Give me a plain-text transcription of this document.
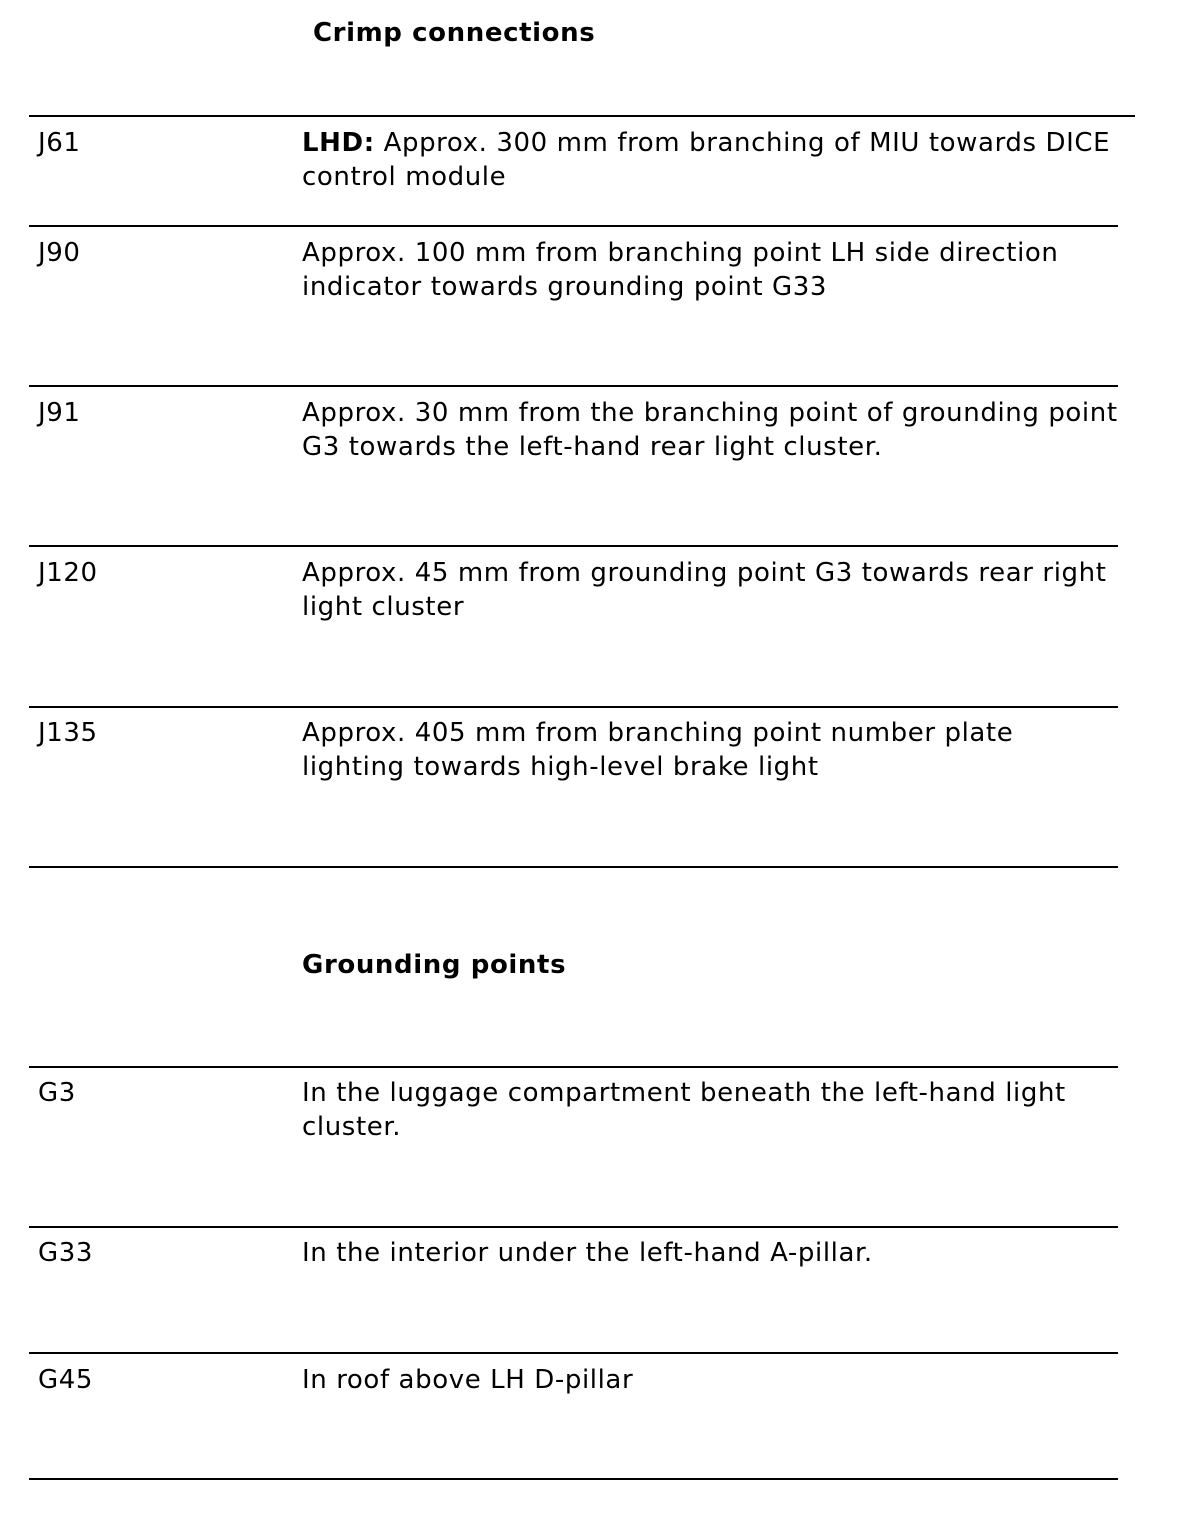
Crimp connections
J61	LHD: Approx. 300 mm from branching of MIU towards DICE control module
J90	Approx. 100 mm from branching point LH side direction indicator towards grounding point G33
J91	Approx. 30 mm from the branching point of grounding point G3 towards the left-hand rear light cluster.
J120	Approx. 45 mm from grounding point G3 towards rear right light cluster
J135	Approx. 405 mm from branching point number plate lighting towards high-level brake light
Grounding points
G3	In the luggage compartment beneath the left-hand light cluster.
G33	In the interior under the left-hand A-pillar.
G45	In roof above LH D-pillar
